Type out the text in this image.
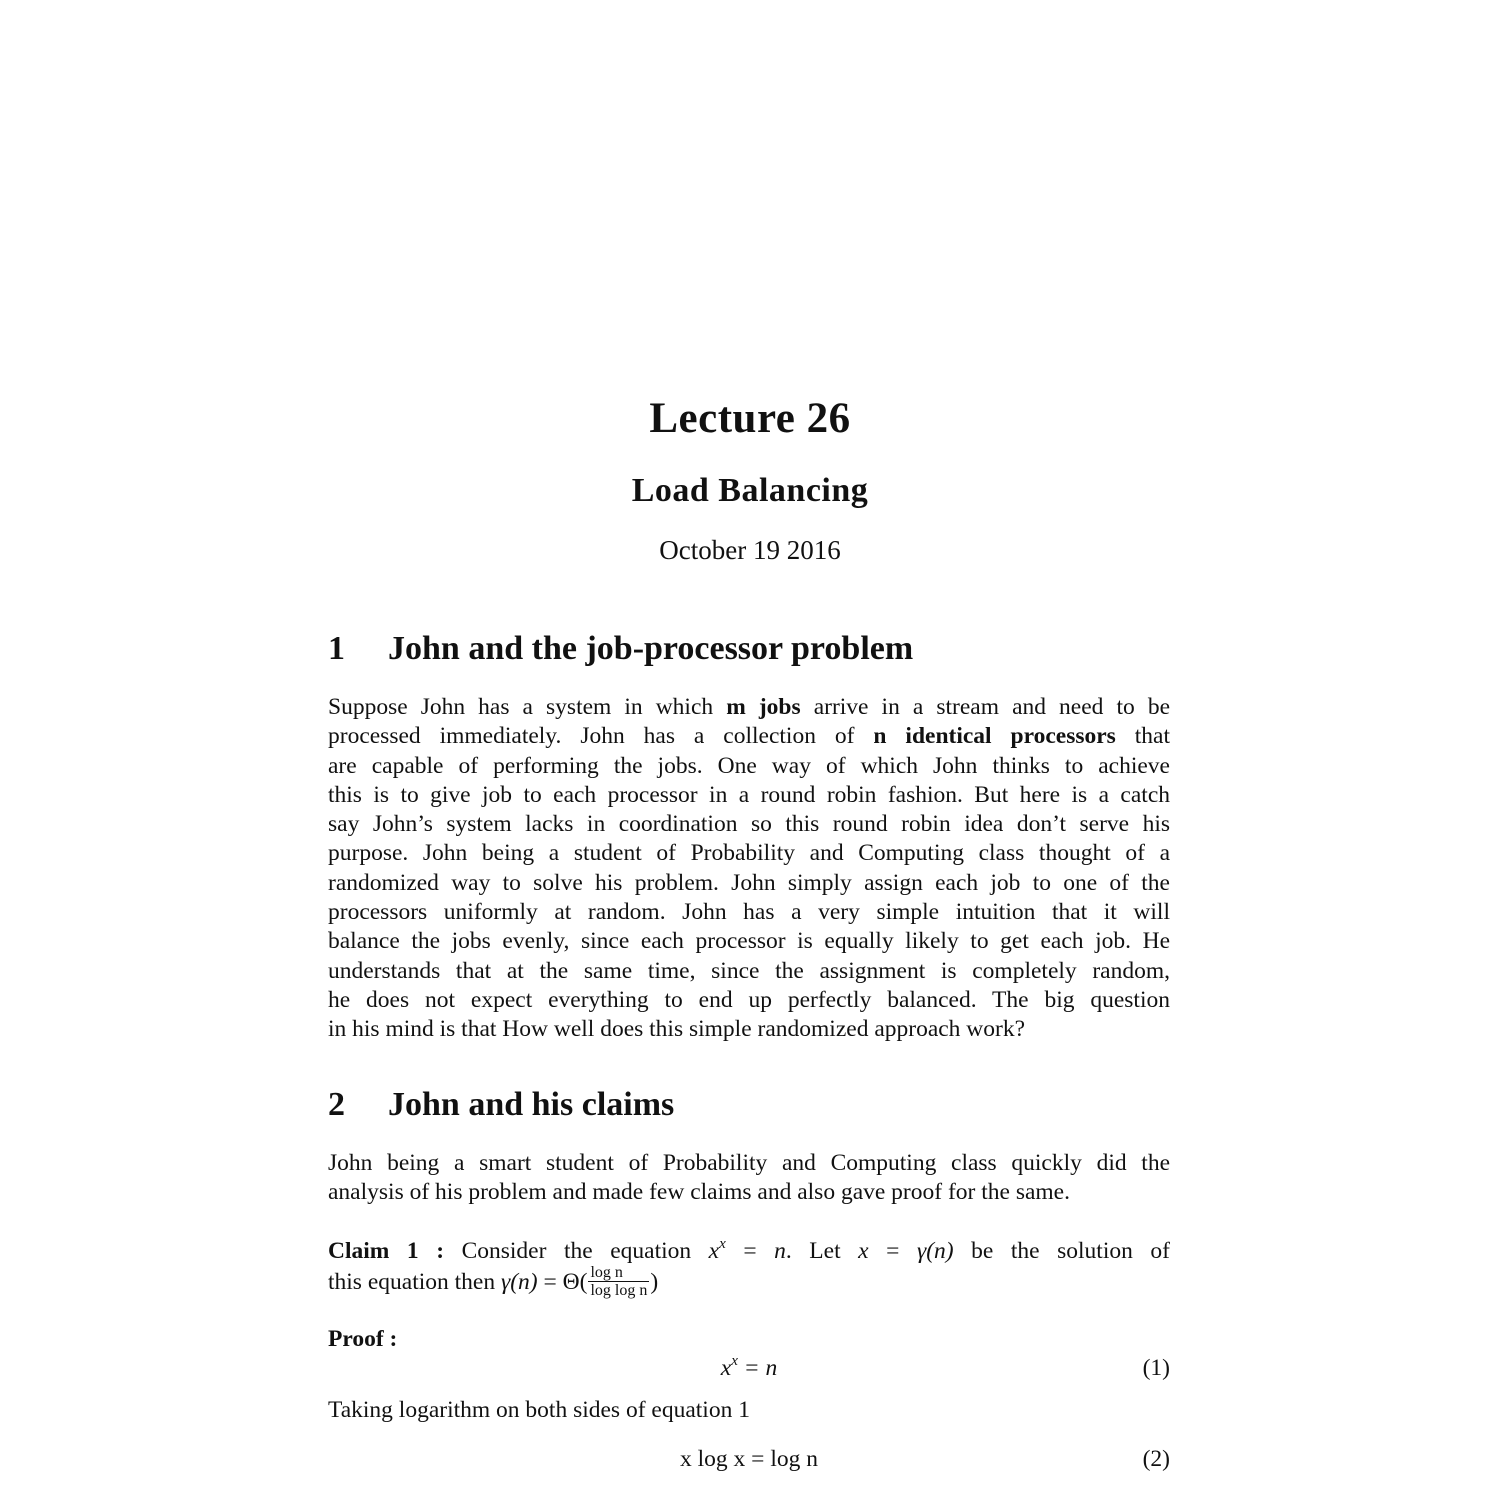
Lecture 26
Load Balancing
October 19 2016
1 John and the job-processor problem
Suppose John has a system in which m jobs arrive in a stream and need to be
processed immediately. John has a collection of n identical processors that
are capable of performing the jobs. One way of which John thinks to achieve
this is to give job to each processor in a round robin fashion. But here is a catch
say John’s system lacks in coordination so this round robin idea don’t serve his
purpose. John being a student of Probability and Computing class thought of a
randomized way to solve his problem. John simply assign each job to one of the
processors uniformly at random. John has a very simple intuition that it will
balance the jobs evenly, since each processor is equally likely to get each job. He
understands that at the same time, since the assignment is completely random,
he does not expect everything to end up perfectly balanced. The big question
in his mind is that How well does this simple randomized approach work?
2 John and his claims
John being a smart student of Probability and Computing class quickly did the
analysis of his problem and made few claims and also gave proof for the same.
Claim 1 : Consider the equation $x^x = n$. Let x = γ(n) be the solution of
this equation then $\gamma(n) = \Theta( \frac{\text{log n}}{\text{log log n}}$ )
Proof :
$x^x = n$	(1)
Taking logarithm on both sides of equation 1
x log x = log n	(2)
